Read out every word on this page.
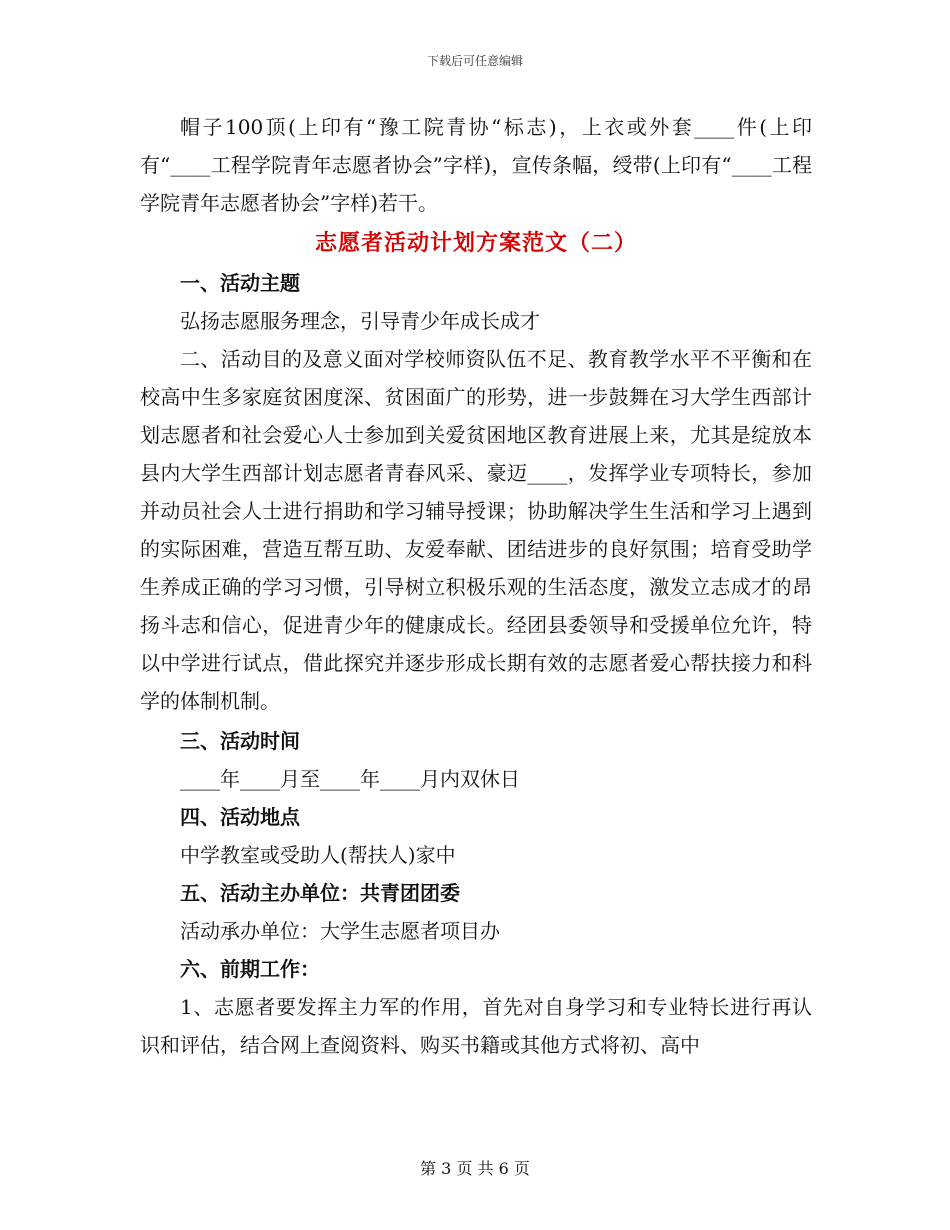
下载后可任意编辑

帽子100顶(上印有“豫工院青协“标志)，上衣或外套____件(上印有“____工程学院青年志愿者协会”字样)，宣传条幅，绶带(上印有“____工程学院青年志愿者协会”字样)若干。

志愿者活动计划方案范文（二）

一、活动主题

弘扬志愿服务理念，引导青少年成长成才

二、活动目的及意义面对学校师资队伍不足、教育教学水平不平衡和在校高中生多家庭贫困度深、贫困面广的形势，进一步鼓舞在习大学生西部计划志愿者和社会爱心人士参加到关爱贫困地区教育进展上来，尤其是绽放本县内大学生西部计划志愿者青春风采、豪迈____，发挥学业专项特长，参加并动员社会人士进行捐助和学习辅导授课；协助解决学生生活和学习上遇到的实际困难，营造互帮互助、友爱奉献、团结进步的良好氛围；培育受助学生养成正确的学习习惯，引导树立积极乐观的生活态度，激发立志成才的昂扬斗志和信心，促进青少年的健康成长。经团县委领导和受援单位允许，特以中学进行试点，借此探究并逐步形成长期有效的志愿者爱心帮扶接力和科学的体制机制。

三、活动时间

____年____月至____年____月内双休日

四、活动地点

中学教室或受助人(帮扶人)家中

五、活动主办单位：共青团团委

活动承办单位：大学生志愿者项目办

六、前期工作：

1、志愿者要发挥主力军的作用，首先对自身学习和专业特长进行再认识和评估，结合网上查阅资料、购买书籍或其他方式将初、高中

第 3 页 共 6 页
